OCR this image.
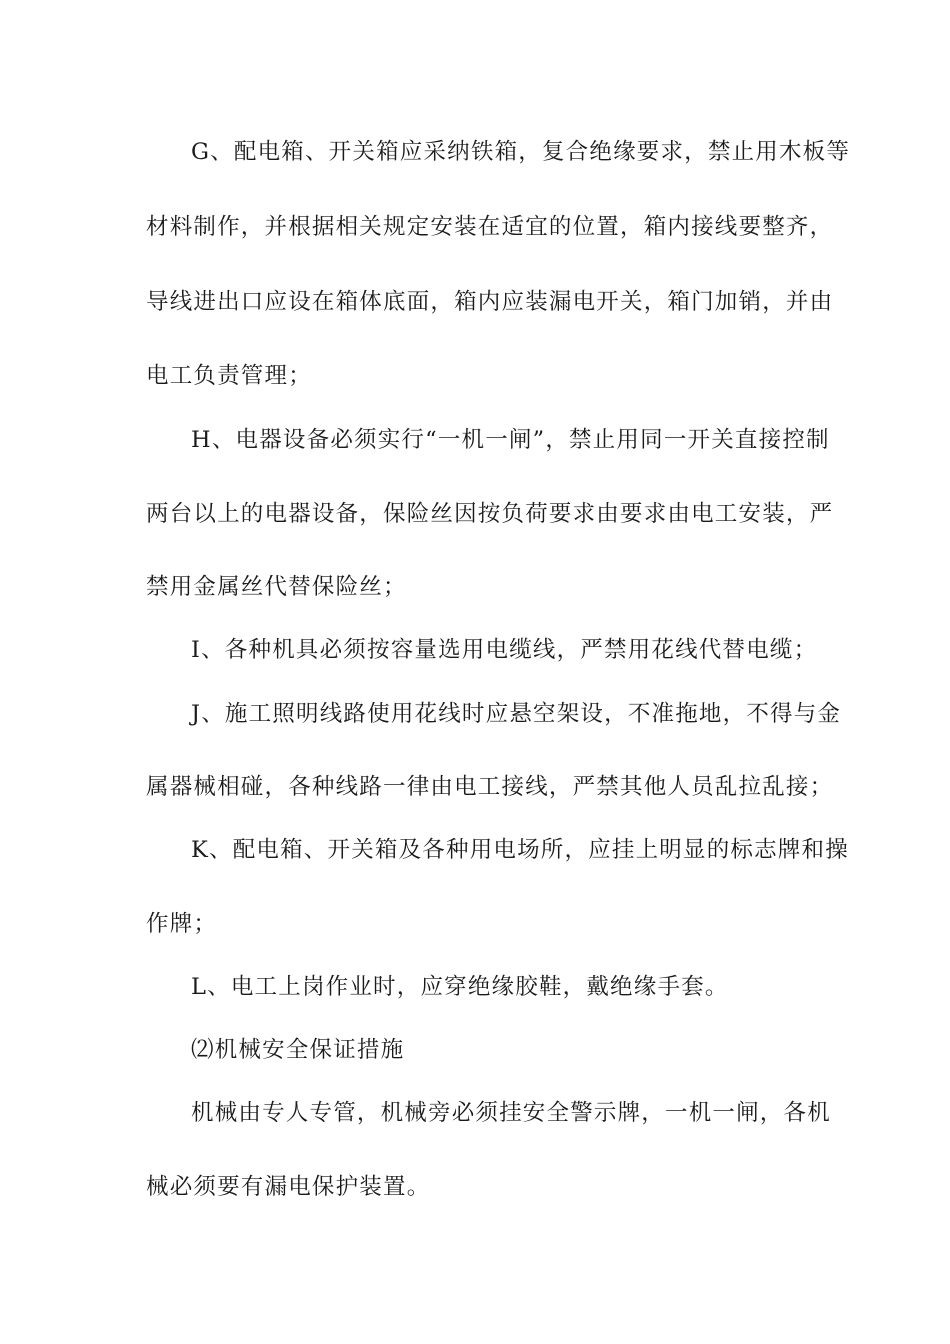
G、配电箱、开关箱应采纳铁箱，复合绝缘要求，禁止用木板等

材料制作，并根据相关规定安装在适宜的位置，箱内接线要整齐，

导线进出口应设在箱体底面，箱内应装漏电开关，箱门加销，并由

电工负责管理；

H、电器设备必须实行“一机一闸”，禁止用同一开关直接控制

两台以上的电器设备，保险丝因按负荷要求由要求由电工安装，严

禁用金属丝代替保险丝；

I、各种机具必须按容量选用电缆线，严禁用花线代替电缆；

J、施工照明线路使用花线时应悬空架设，不准拖地，不得与金

属器械相碰，各种线路一律由电工接线，严禁其他人员乱拉乱接；

K、配电箱、开关箱及各种用电场所，应挂上明显的标志牌和操

作牌；

L、电工上岗作业时，应穿绝缘胶鞋，戴绝缘手套。

⑵机械安全保证措施

机械由专人专管，机械旁必须挂安全警示牌，一机一闸，各机

械必须要有漏电保护装置。
